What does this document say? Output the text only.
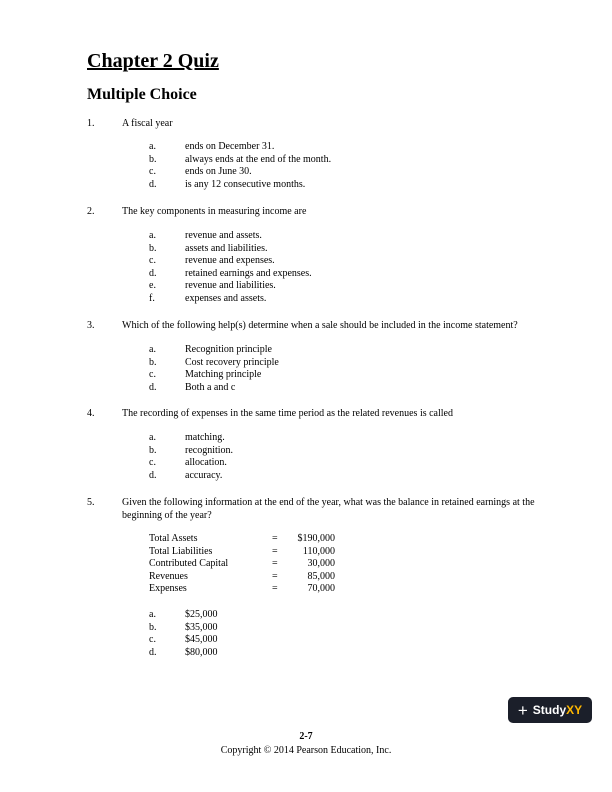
Chapter 2 Quiz
Multiple Choice
1.	A fiscal year
a.	ends on December 31.
b.	always ends at the end of the month.
c.	ends on June 30.
d.	is any 12 consecutive months.
2.	The key components in measuring income are
a.	revenue and assets.
b.	assets and liabilities.
c.	revenue and expenses.
d.	retained earnings and expenses.
e.	revenue and liabilities.
f.	expenses and assets.
3.	Which of the following help(s) determine when a sale should be included in the income statement?
a.	Recognition principle
b.	Cost recovery principle
c.	Matching principle
d.	Both a and c
4.	The recording of expenses in the same time period as the related revenues is called
a.	matching.
b.	recognition.
c.	allocation.
d.	accuracy.
5.	Given the following information at the end of the year, what was the balance in retained earnings at the beginning of the year?
Total Assets	=	$190,000
Total Liabilities	=	110,000
Contributed Capital	=	30,000
Revenues	=	85,000
Expenses	=	70,000
a.	$25,000
b.	$35,000
c.	$45,000
d.	$80,000
+ Study XY
2-7
Copyright © 2014 Pearson Education, Inc.
